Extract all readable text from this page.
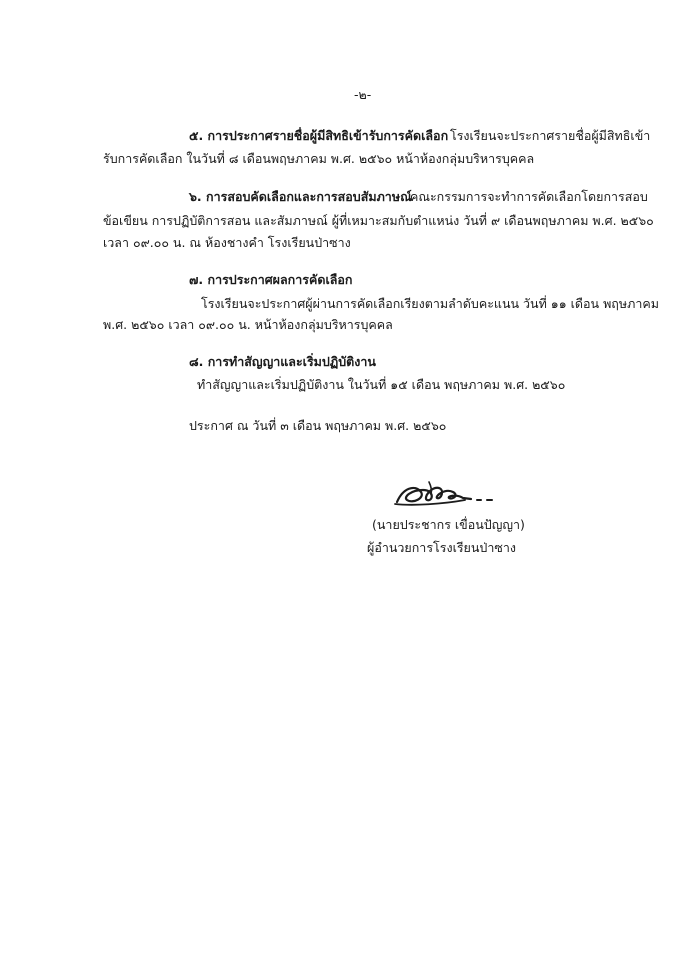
-๒-

๕. การประกาศรายชื่อผู้มีสิทธิเข้ารับการคัดเลือก โรงเรียนจะประกาศรายชื่อผู้มีสิทธิเข้า

รับการคัดเลือก ในวันที่ ๘ เดือนพฤษภาคม พ.ศ. ๒๕๖๐ หน้าห้องกลุ่มบริหารบุคคล

๖. การสอบคัดเลือกและการสอบสัมภาษณ์

คณะกรรมการจะทำการคัดเลือกโดยการสอบ

ข้อเขียน การปฏิบัติการสอน และสัมภาษณ์ ผู้ที่เหมาะสมกับตำแหน่ง วันที่ ๙ เดือนพฤษภาคม พ.ศ. ๒๕๖๐

เวลา ๐๙.๐๐ น. ณ ห้องชางคำ โรงเรียนป่าซาง

๗. การประกาศผลการคัดเลือก

โรงเรียนจะประกาศผู้ผ่านการคัดเลือกเรียงตามลำดับคะแนน วันที่ ๑๑ เดือน พฤษภาคม

พ.ศ. ๒๕๖๐ เวลา ๐๙.๐๐ น. หน้าห้องกลุ่มบริหารบุคคล

๘. การทำสัญญาและเริ่มปฏิบัติงาน

ทำสัญญาและเริ่มปฏิบัติงาน ในวันที่ ๑๕ เดือน พฤษภาคม พ.ศ. ๒๕๖๐

ประกาศ ณ วันที่ ๓ เดือน พฤษภาคม พ.ศ. ๒๕๖๐

(นายประชากร เขื่อนปัญญา)

ผู้อำนวยการโรงเรียนป่าซาง
